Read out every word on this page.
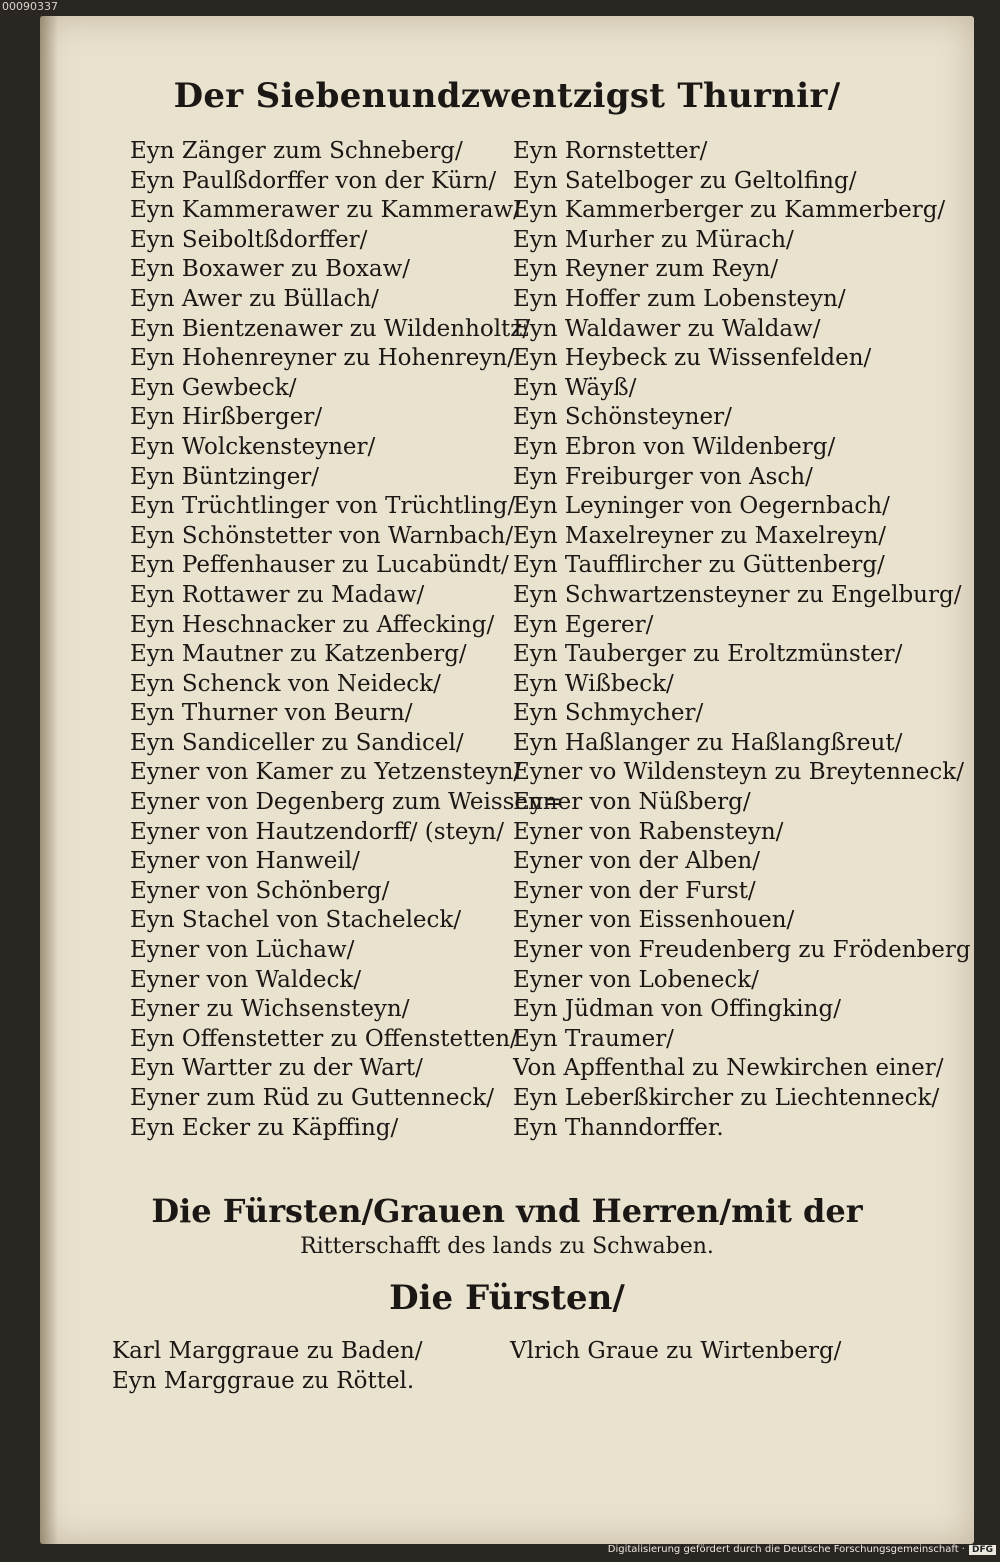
00090337
Der Siebenundzwentzigst Thurnir/
Eyn Zänger zum Schneberg/
Eyn Paulßdorffer von der Kürn/
Eyn Kammerawer zu Kammeraw/
Eyn Seiboltßdorffer/
Eyn Boxawer zu Boxaw/
Eyn Awer zu Büllach/
Eyn Bientzenawer zu Wildenholtz/
Eyn Hohenreyner zu Hohenreyn/
Eyn Gewbeck/
Eyn Hirßberger/
Eyn Wolckensteyner/
Eyn Büntzinger/
Eyn Trüchtlinger von Trüchtling/
Eyn Schönstetter von Warnbach/
Eyn Peffenhauser zu Lucabündt/
Eyn Rottawer zu Madaw/
Eyn Heschnacker zu Affecking/
Eyn Mautner zu Katzenberg/
Eyn Schenck von Neideck/
Eyn Thurner von Beurn/
Eyn Sandiceller zu Sandicel/
Eyner von Kamer zu Yetzensteyn/
Eyner von Degenberg zum Weissen=
Eyner von Hautzendorff/ (steyn/
Eyner von Hanweil/
Eyner von Schönberg/
Eyn Stachel von Stacheleck/
Eyner von Lüchaw/
Eyner von Waldeck/
Eyner zu Wichsensteyn/
Eyn Offenstetter zu Offenstetten/
Eyn Wartter zu der Wart/
Eyner zum Rüd zu Guttenneck/
Eyn Ecker zu Käpffing/
Eyn Rornstetter/
Eyn Satelboger zu Geltolfing/
Eyn Kammerberger zu Kammerberg/
Eyn Murher zu Mürach/
Eyn Reyner zum Reyn/
Eyn Hoffer zum Lobensteyn/
Eyn Waldawer zu Waldaw/
Eyn Heybeck zu Wissenfelden/
Eyn Wäyß/
Eyn Schönsteyner/
Eyn Ebron von Wildenberg/
Eyn Freiburger von Asch/
Eyn Leyninger von Oegernbach/
Eyn Maxelreyner zu Maxelreyn/
Eyn Taufflircher zu Güttenberg/
Eyn Schwartzensteyner zu Engelburg/
Eyn Egerer/
Eyn Tauberger zu Eroltzmünster/
Eyn Wißbeck/
Eyn Schmycher/
Eyn Haßlanger zu Haßlangßreut/
Eyner vo Wildensteyn zu Breytenneck/
Eyner von Nüßberg/
Eyner von Rabensteyn/
Eyner von der Alben/
Eyner von der Furst/
Eyner von Eissenhouen/
Eyner von Freudenberg zu Frödenberg
Eyner von Lobeneck/
Eyn Jüdman von Offingking/
Eyn Traumer/
Von Apffenthal zu Newkirchen einer/
Eyn Leberßkircher zu Liechtenneck/
Eyn Thanndorffer.
Die Fürsten/Grauen vnd Herren/mit der
Ritterschafft des lands zu Schwaben.
Die Fürsten/
Karl Marggraue zu Baden/	Vlrich Graue zu Wirtenberg/
Eyn Marggraue zu Röttel.
Digitalisierung gefördert durch die Deutsche Forschungsgemeinschaft · DFG
